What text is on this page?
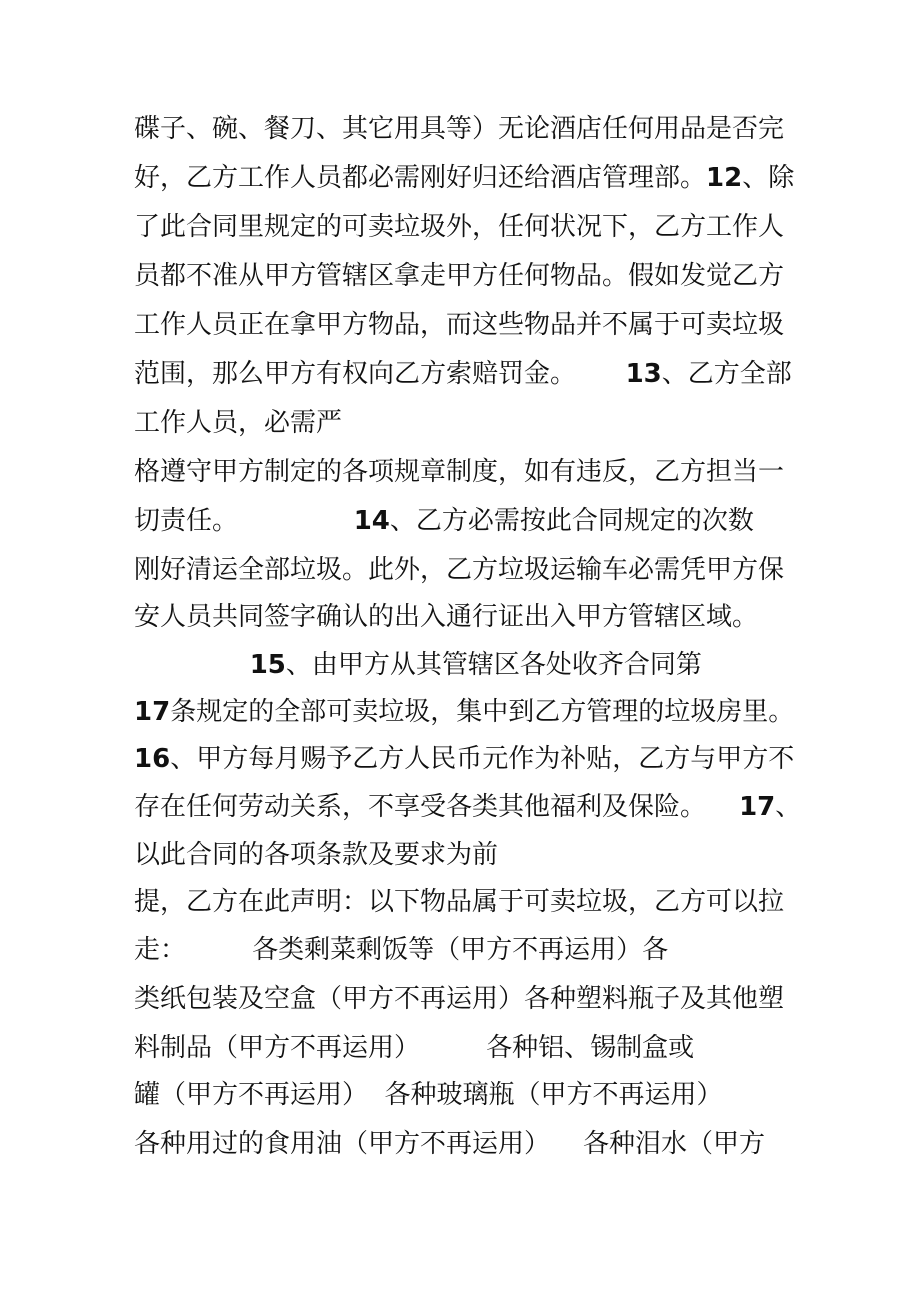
碟子、碗、餐刀、其它用具等）无论酒店任何用品是否完

好，乙方工作人员都必需刚好归还给酒店管理部。12、除

了此合同里规定的可卖垃圾外，任何状况下，乙方工作人

员都不准从甲方管辖区拿走甲方任何物品。假如发觉乙方

工作人员正在拿甲方物品，而这些物品并不属于可卖垃圾

范围，那么甲方有权向乙方索赔罚金。      13、乙方全部

工作人员，必需严

格遵守甲方制定的各项规章制度，如有违反，乙方担当一

切责任。              14、乙方必需按此合同规定的次数

刚好清运全部垃圾。此外，乙方垃圾运输车必需凭甲方保

安人员共同签字确认的出入通行证出入甲方管辖区域。

15、由甲方从其管辖区各处收齐合同第

17条规定的全部可卖垃圾，集中到乙方管理的垃圾房里。

16、甲方每月赐予乙方人民币元作为补贴，乙方与甲方不

存在任何劳动关系，不享受各类其他福利及保险。    17、

以此合同的各项条款及要求为前

提，乙方在此声明：以下物品属于可卖垃圾，乙方可以拉

走：        各类剩菜剩饭等（甲方不再运用）各

类纸包装及空盒（甲方不再运用）各种塑料瓶子及其他塑

料制品（甲方不再运用）        各种铝、锡制盒或

罐（甲方不再运用）  各种玻璃瓶（甲方不再运用）

各种用过的食用油（甲方不再运用）    各种泪水（甲方
